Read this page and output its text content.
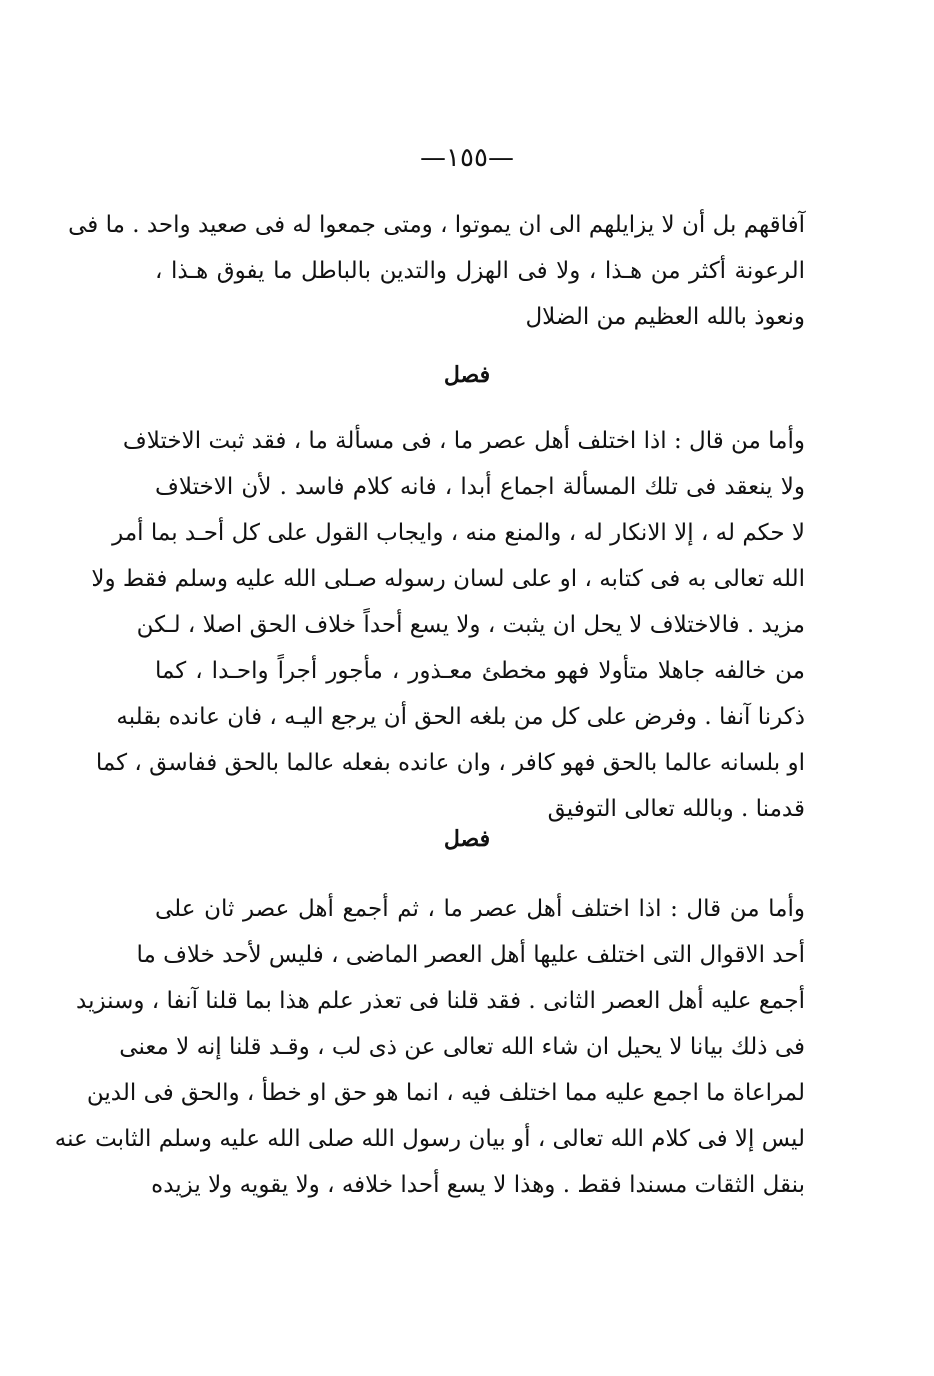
—١٥٥—
آفاقهم بل أن لا يزايلهم الى ان يموتوا ، ومتى جمعوا له فى صعيد واحد . ما فى
الرعونة أكثر من هـذا ، ولا فى الهزل والتدين بالباطل ما يفوق هـذا ،
ونعوذ بالله العظيم من الضلال
فصل
وأما من قال : اذا اختلف أهل عصر ما ، فى مسألة ما ، فقد ثبت الاختلاف
ولا ينعقد فى تلك المسألة اجماع أبدا ، فانه كلام فاسد . لأن الاختلاف
لا حكم له ، إلا الانكار له ، والمنع منه ، وايجاب القول على كل أحـد بما أمر
الله تعالى به فى كتابه ، او على لسان رسوله صـلى الله عليه وسلم فقط ولا
مزيد . فالاختلاف لا يحل ان يثبت ، ولا يسع أحداً خلاف الحق اصلا ، لـكن
من خالفه جاهلا متأولا فهو مخطئ معـذور ، مأجور أجراً واحـدا ، كما
ذكرنا آنفا . وفرض على كل من بلغه الحق أن يرجع اليـه ، فان عانده بقلبه
او بلسانه عالما بالحق فهو كافر ، وان عانده بفعله عالما بالحق ففاسق ، كما
قدمنا . وبالله تعالى التوفيق
فصل
وأما من قال : اذا اختلف أهل عصر ما ، ثم أجمع أهل عصر ثان على
أحد الاقوال التى اختلف عليها أهل العصر الماضى ، فليس لأحد خلاف ما
أجمع عليه أهل العصر الثانى . فقد قلنا فى تعذر علم هذا بما قلنا آنفا ، وسنزيد
فى ذلك بيانا لا يحيل ان شاء الله تعالى عن ذى لب ، وقـد قلنا إنه لا معنى
لمراعاة ما اجمع عليه مما اختلف فيه ، انما هو حق او خطأ ، والحق فى الدين
ليس إلا فى كلام الله تعالى ، أو بيان رسول الله صلى الله عليه وسلم الثابت عنه
بنقل الثقات مسندا فقط . وهذا لا يسع أحدا خلافه ، ولا يقويه ولا يزيده
